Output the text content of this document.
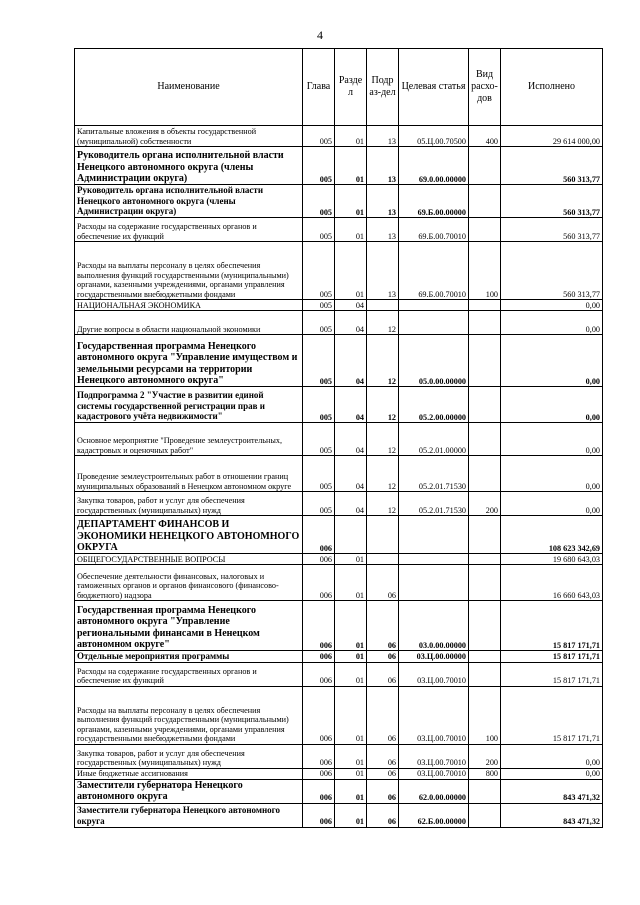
4
Наименование	Глава	Разде л	Подр аз-дел	Целевая статья	Вид расхо-дов	Исполнено
Капитальные вложения в объекты государственной (муниципальной) собственности	005	01	13	05.Ц.00.70500	400	29 614 000,00
Руководитель органа исполнительной власти Ненецкого автономного округа (члены Администрации округа)	005	01	13	69.0.00.00000		560 313,77
Руководитель органа исполнительной власти Ненецкого автономного округа (члены Администрации округа)	005	01	13	69.Б.00.00000		560 313,77
Расходы на содержание государственных органов и обеспечение их функций	005	01	13	69.Б.00.70010		560 313,77
Расходы на выплаты персоналу в целях обеспечения выполнения функций государственными (муниципальными) органами, казенными учреждениями, органами управления государственными внебюджетными фондами	005	01	13	69.Б.00.70010	100	560 313,77
НАЦИОНАЛЬНАЯ ЭКОНОМИКА	005	04				0,00
Другие вопросы в области национальной экономики	005	04	12			0,00
Государственная программа Ненецкого автономного округа "Управление имуществом и земельными ресурсами на территории Ненецкого автономного округа"	005	04	12	05.0.00.00000		0,00
Подпрограмма 2 "Участие в развитии единой системы государственной регистрации прав и кадастрового учёта недвижимости"	005	04	12	05.2.00.00000		0,00
Основное мероприятие "Проведение землеустроительных, кадастровых и оценочных работ"	005	04	12	05.2.01.00000		0,00
Проведение землеустроительных работ в отношении границ муниципальных образований в Ненецком автономном округе	005	04	12	05.2.01.71530		0,00
Закупка товаров, работ и услуг для обеспечения государственных (муниципальных) нужд	005	04	12	05.2.01.71530	200	0,00
ДЕПАРТАМЕНТ ФИНАНСОВ И ЭКОНОМИКИ НЕНЕЦКОГО АВТОНОМНОГО ОКРУГА	006					108 623 342,69
ОБЩЕГОСУДАРСТВЕННЫЕ ВОПРОСЫ	006	01				19 680 643,03
Обеспечение деятельности финансовых, налоговых и таможенных органов и органов финансового (финансово-бюджетного) надзора	006	01	06			16 660 643,03
Государственная программа Ненецкого автономного округа "Управление региональными финансами в Ненецком автономном округе"	006	01	06	03.0.00.00000		15 817 171,71
Отдельные мероприятия программы	006	01	06	03.Ц.00.00000		15 817 171,71
Расходы на содержание государственных органов и обеспечение их функций	006	01	06	03.Ц.00.70010		15 817 171,71
Расходы на выплаты персоналу в целях обеспечения выполнения функций государственными (муниципальными) органами, казенными учреждениями, органами управления государственными внебюджетными фондами	006	01	06	03.Ц.00.70010	100	15 817 171,71
Закупка товаров, работ и услуг для обеспечения государственных (муниципальных) нужд	006	01	06	03.Ц.00.70010	200	0,00
Иные бюджетные ассигнования	006	01	06	03.Ц.00.70010	800	0,00
Заместители губернатора Ненецкого автономного округа	006	01	06	62.0.00.00000		843 471,32
Заместители губернатора Ненецкого автономного округа	006	01	06	62.Б.00.00000		843 471,32
